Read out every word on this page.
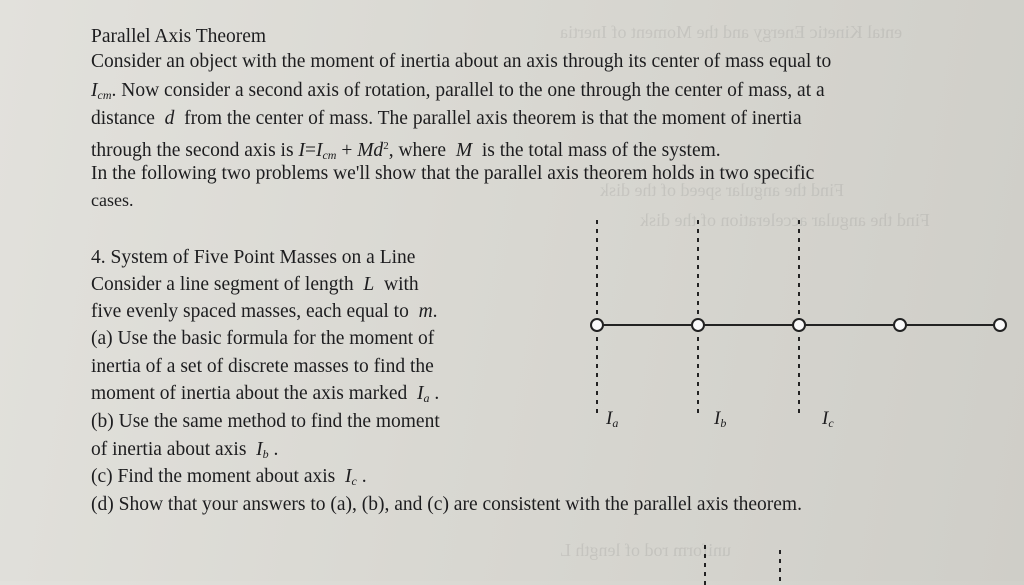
ental Kinetic Energy and the Moment of Inertia
Find the angular speed of the disk
Find the angular acceleration of the disk
uniform rod of length L
Parallel Axis Theorem
Consider an object with the moment of inertia about an axis through its center of mass equal to
$I_{cm}$. Now consider a second axis of rotation, parallel to the one through the center of mass, at a
distance d from the center of mass. The parallel axis theorem is that the moment of inertia
through the second axis is $I=I_{cm} + Md^2$, where M is the total mass of the system.
In the following two problems we'll show that the parallel axis theorem holds in two specific
cases.
4. System of Five Point Masses on a Line
Consider a line segment of length L with
five evenly spaced masses, each equal to m.
(a) Use the basic formula for the moment of
inertia of a set of discrete masses to find the
moment of inertia about the axis marked $I_a$ .
(b) Use the same method to find the moment
of inertia about axis $I_b$ .
(c) Find the moment about axis $I_c$ .
(d) Show that your answers to (a), (b), and (c) are consistent with the parallel axis theorem.
$I_a$	$I_b$	$I_c$
